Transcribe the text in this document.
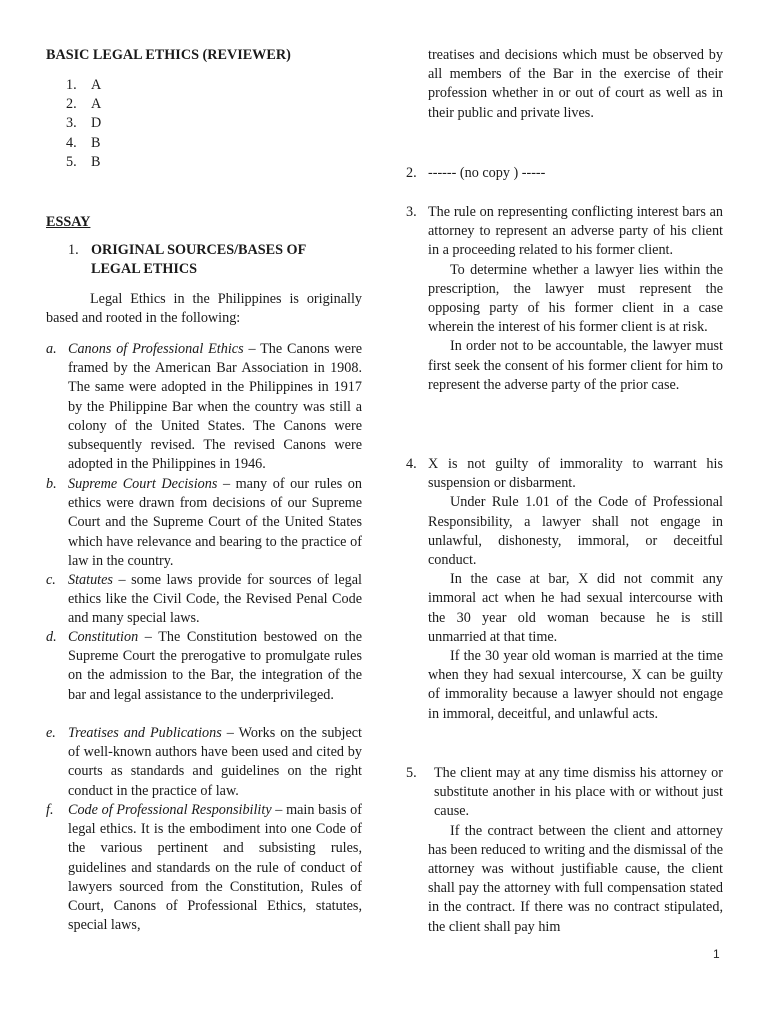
BASIC LEGAL ETHICS (REVIEWER)
1. A
2. A
3. D
4. B
5. B
ESSAY
1. ORIGINAL SOURCES/BASES OF LEGAL ETHICS

Legal Ethics in the Philippines is originally based and rooted in the following:

a. Canons of Professional Ethics – The Canons were framed by the American Bar Association in 1908. The same were adopted in the Philippines in 1917 by the Philippine Bar when the country was still a colony of the United States. The Canons were subsequently revised. The revised Canons were adopted in the Philippines in 1946.
b. Supreme Court Decisions – many of our rules on ethics were drawn from decisions of our Supreme Court and the Supreme Court of the United States which have relevance and bearing to the practice of law in the country.
c. Statutes – some laws provide for sources of legal ethics like the Civil Code, the Revised Penal Code and many special laws.
d. Constitution – The Constitution bestowed on the Supreme Court the prerogative to promulgate rules on the admission to the Bar, the integration of the bar and legal assistance to the underprivileged.
e. Treatises and Publications – Works on the subject of well-known authors have been used and cited by courts as standards and guidelines on the right conduct in the practice of law.
f. Code of Professional Responsibility – main basis of legal ethics. It is the embodiment into one Code of the various pertinent and subsisting rules, guidelines and standards on the rule of conduct of lawyers sourced from the Constitution, Rules of Court, Canons of Professional Ethics, statutes, special laws,

treatises and decisions which must be observed by all members of the Bar in the exercise of their profession whether in or out of court as well as in their public and private lives.

2. ------ (no copy ) -----
3. The rule on representing conflicting interest bars an attorney to represent an adverse party of his client in a proceeding related to his former client.

To determine whether a lawyer lies within the prescription, the lawyer must represent the opposing party of his former client in a case wherein the interest of his former client is at risk.

In order not to be accountable, the lawyer must first seek the consent of his former client for him to represent the adverse party of the prior case.

4. X is not guilty of immorality to warrant his suspension or disbarment.

Under Rule 1.01 of the Code of Professional Responsibility, a lawyer shall not engage in unlawful, dishonesty, immoral, or deceitful conduct.

In the case at bar, X did not commit any immoral act when he had sexual intercourse with the 30 year old woman because he is still unmarried at that time.

If the 30 year old woman is married at the time when they had sexual intercourse, X can be guilty of immorality because a lawyer should not engage in immoral, deceitful, and unlawful acts.

5. The client may at any time dismiss his attorney or substitute another in his place with or without just cause.

If the contract between the client and attorney has been reduced to writing and the dismissal of the attorney was without justifiable cause, the client shall pay the attorney with full compensation stated in the contract. If there was no contract stipulated, the client shall pay him

1
